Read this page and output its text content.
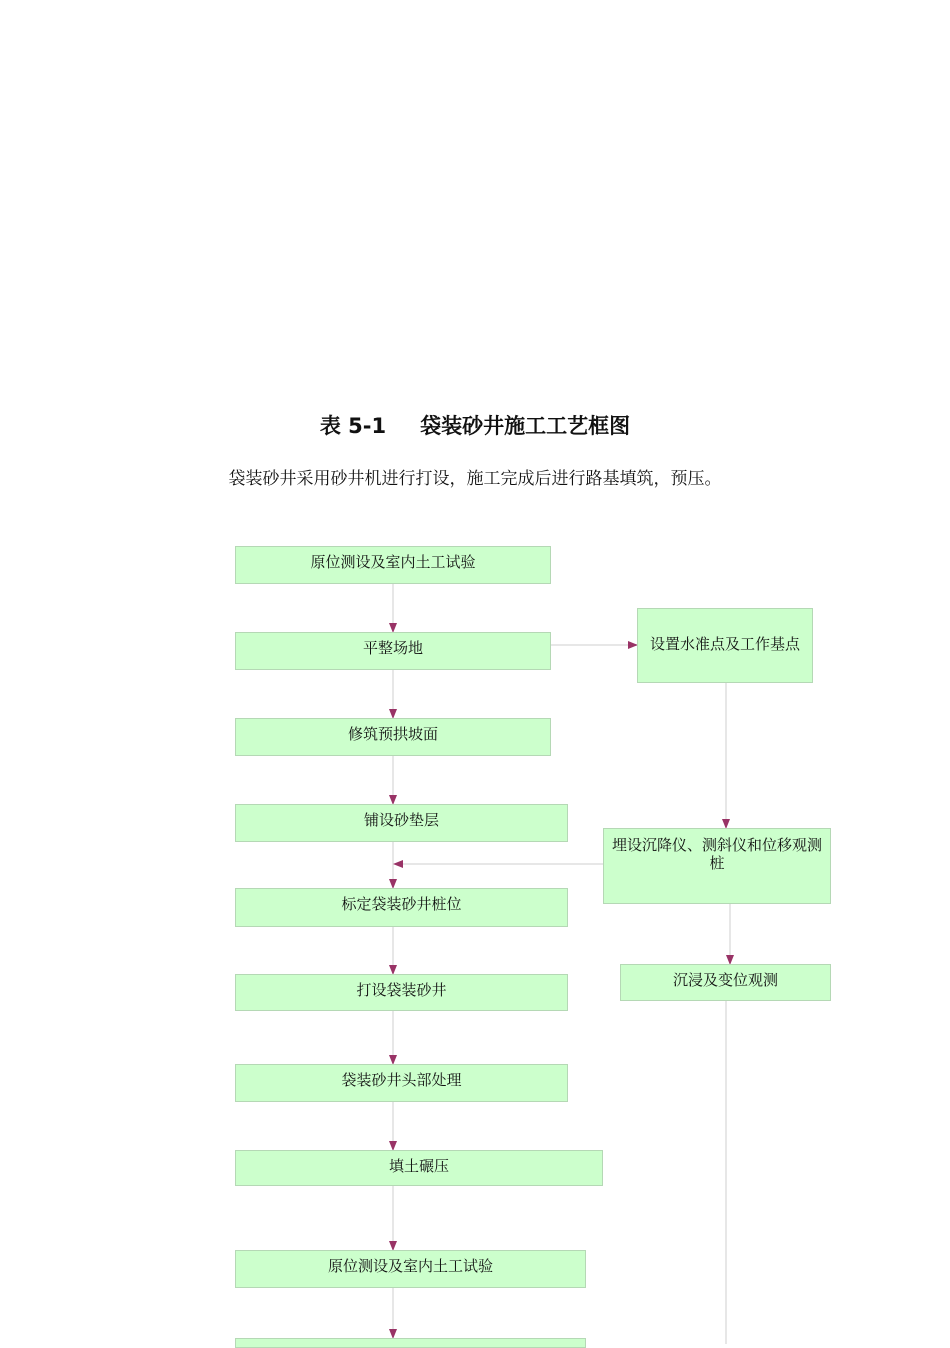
表 5-1 袋装砂井施工工艺框图
袋装砂井采用砂井机进行打设，施工完成后进行路基填筑，预压。
原位测设及室内土工试验
平整场地
修筑预拱坡面
铺设砂垫层
标定袋装砂井桩位
打设袋装砂井
袋装砂井头部处理
填土碾压
原位测设及室内土工试验
设置水准点及工作基点
埋设沉降仪、测斜仪和位移观测桩
沉浸及变位观测
